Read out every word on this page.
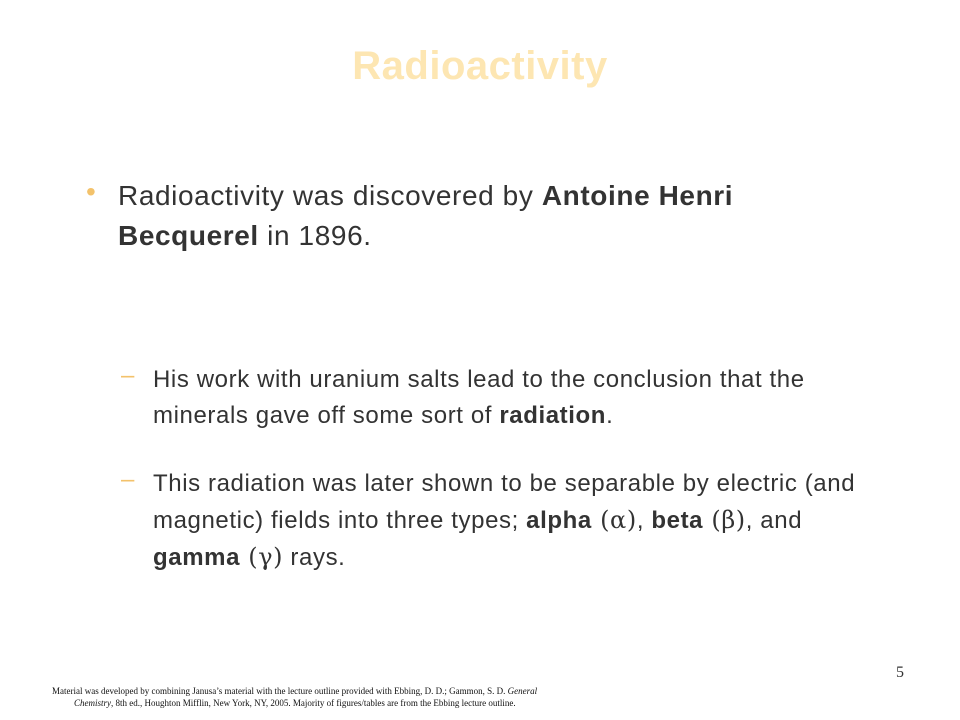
Radioactivity
• Radioactivity was discovered by Antoine Henri Becquerel in 1896.
– His work with uranium salts lead to the conclusion that the minerals gave off some sort of radiation.
– This radiation was later shown to be separable by electric (and magnetic) fields into three types; alpha (α), beta (β), and gamma (γ) rays.
5
Material was developed by combining Janusa’s material with the lecture outline provided with Ebbing, D. D.; Gammon, S. D. General
Chemistry, 8th ed., Houghton Mifflin, New York, NY, 2005. Majority of figures/tables are from the Ebbing lecture outline.
